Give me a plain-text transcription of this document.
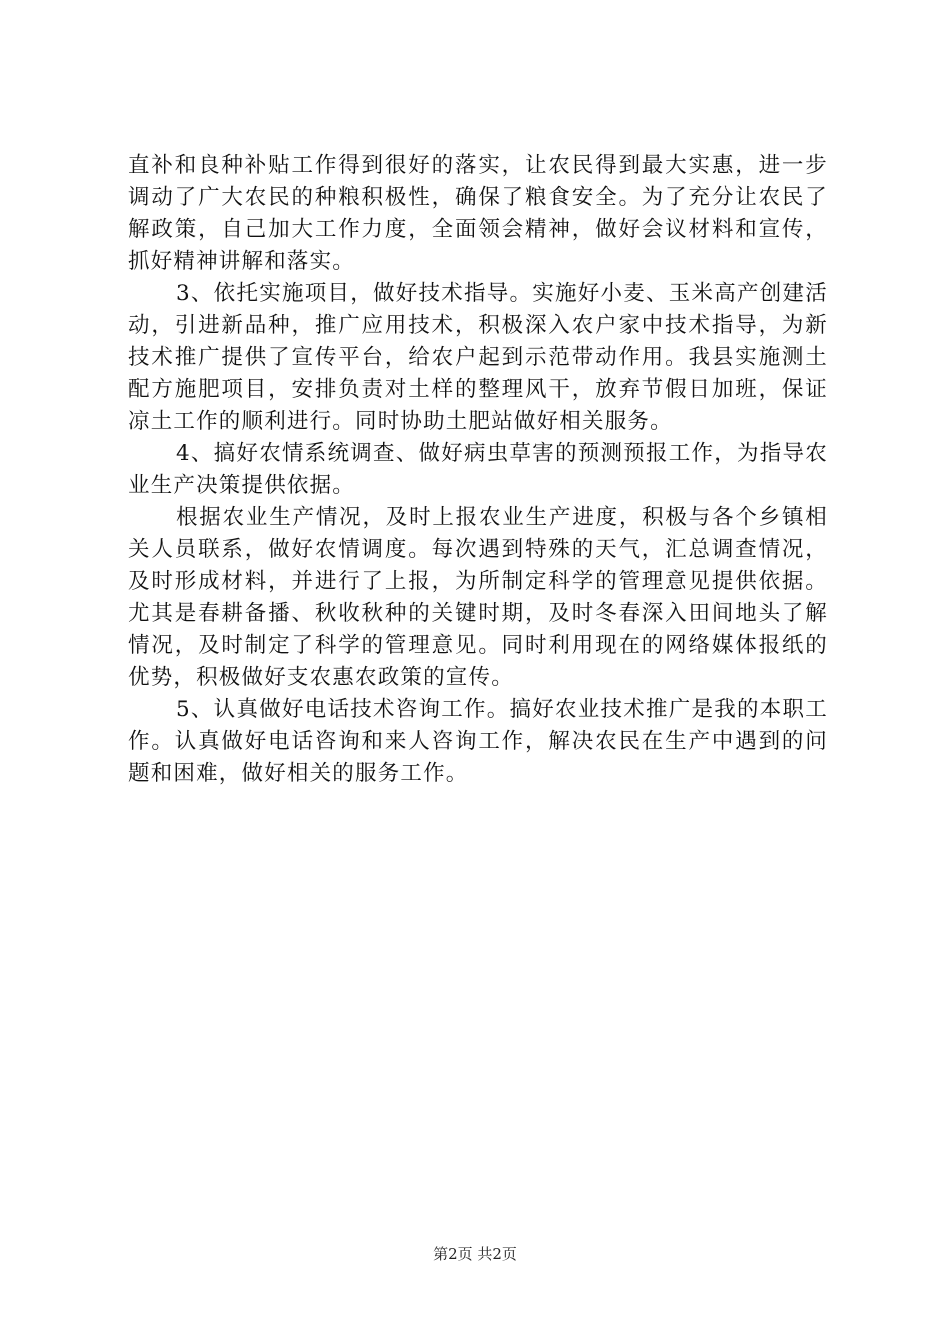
直补和良种补贴工作得到很好的落实，让农民得到最大实惠，进一步调动了广大农民的种粮积极性，确保了粮食安全。为了充分让农民了解政策，自己加大工作力度，全面领会精神，做好会议材料和宣传，抓好精神讲解和落实。

3、依托实施项目，做好技术指导。实施好小麦、玉米高产创建活动，引进新品种，推广应用技术，积极深入农户家中技术指导，为新技术推广提供了宣传平台，给农户起到示范带动作用。我县实施测土配方施肥项目，安排负责对土样的整理风干，放弃节假日加班，保证凉土工作的顺利进行。同时协助土肥站做好相关服务。

4、搞好农情系统调查、做好病虫草害的预测预报工作，为指导农业生产决策提供依据。

根据农业生产情况，及时上报农业生产进度，积极与各个乡镇相关人员联系，做好农情调度。每次遇到特殊的天气，汇总调查情况，及时形成材料，并进行了上报，为所制定科学的管理意见提供依据。尤其是春耕备播、秋收秋种的关键时期，及时冬春深入田间地头了解情况，及时制定了科学的管理意见。同时利用现在的网络媒体报纸的优势，积极做好支农惠农政策的宣传。

5、认真做好电话技术咨询工作。搞好农业技术推广是我的本职工作。认真做好电话咨询和来人咨询工作，解决农民在生产中遇到的问题和困难，做好相关的服务工作。

第2页 共2页
